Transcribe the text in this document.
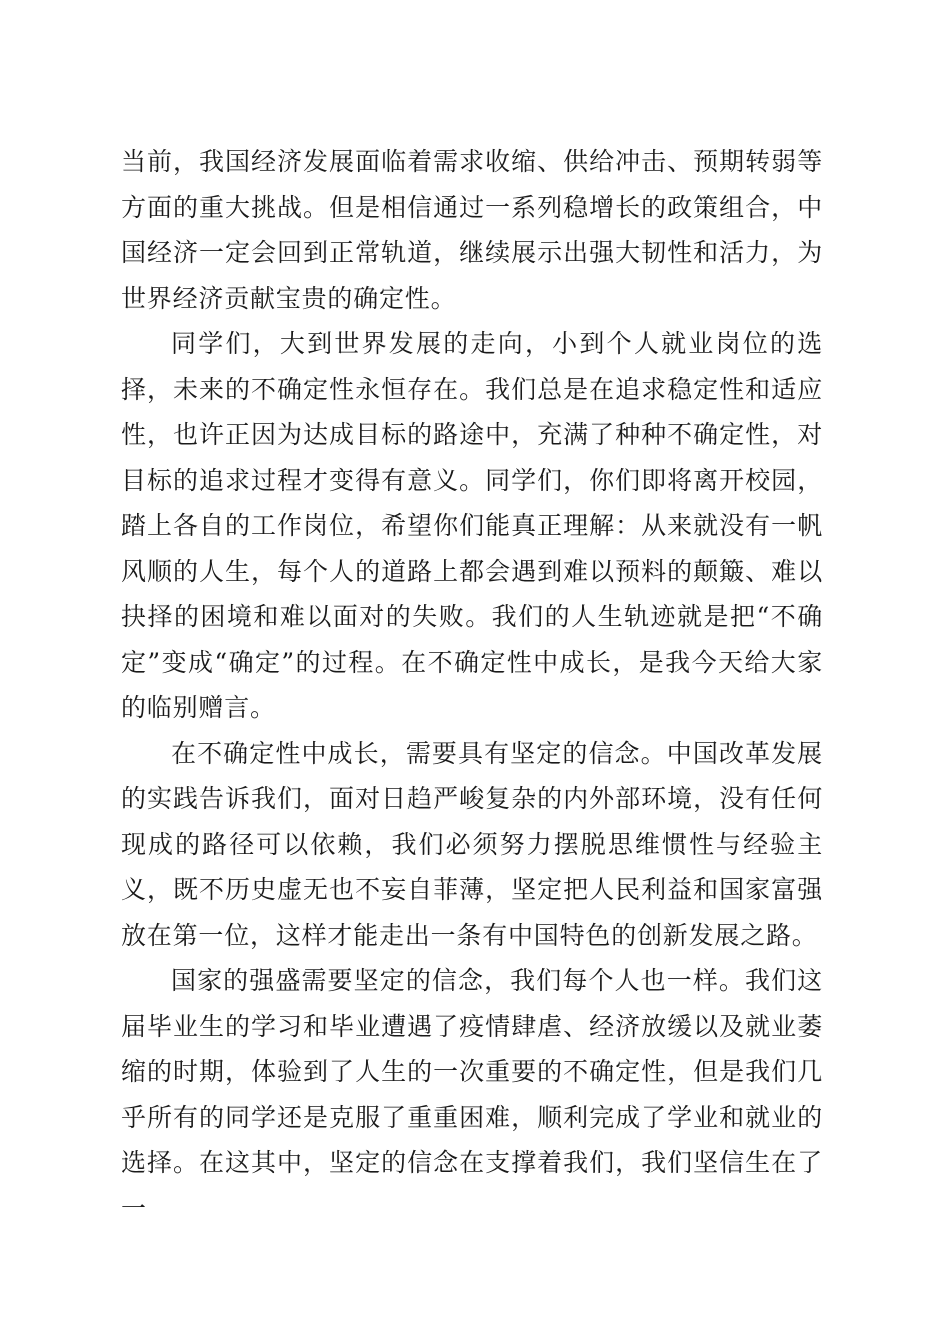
当前，我国经济发展面临着需求收缩、供给冲击、预期转弱等方面的重大挑战。但是相信通过一系列稳增长的政策组合，中国经济一定会回到正常轨道，继续展示出强大韧性和活力，为世界经济贡献宝贵的确定性。

同学们，大到世界发展的走向，小到个人就业岗位的选择，未来的不确定性永恒存在。我们总是在追求稳定性和适应性，也许正因为达成目标的路途中，充满了种种不确定性，对目标的追求过程才变得有意义。同学们，你们即将离开校园，踏上各自的工作岗位，希望你们能真正理解：从来就没有一帆风顺的人生，每个人的道路上都会遇到难以预料的颠簸、难以抉择的困境和难以面对的失败。我们的人生轨迹就是把“不确定”变成“确定”的过程。在不确定性中成长，是我今天给大家的临别赠言。

在不确定性中成长，需要具有坚定的信念。中国改革发展的实践告诉我们，面对日趋严峻复杂的内外部环境，没有任何现成的路径可以依赖，我们必须努力摆脱思维惯性与经验主义，既不历史虚无也不妄自菲薄，坚定把人民利益和国家富强放在第一位，这样才能走出一条有中国特色的创新发展之路。

国家的强盛需要坚定的信念，我们每个人也一样。我们这届毕业生的学习和毕业遭遇了疫情肆虐、经济放缓以及就业萎缩的时期，体验到了人生的一次重要的不确定性，但是我们几乎所有的同学还是克服了重重困难，顺利完成了学业和就业的选择。在这其中，坚定的信念在支撑着我们，我们坚信生在了一
